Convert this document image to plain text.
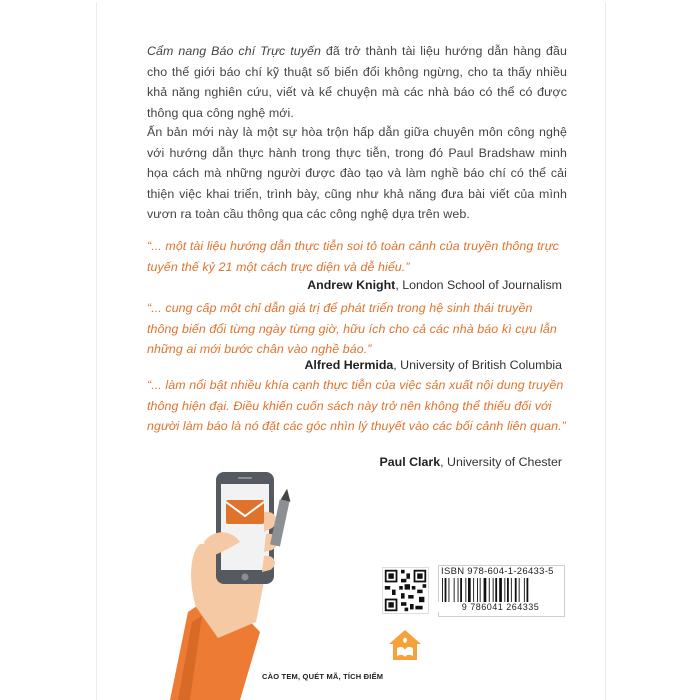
Cẩm nang Báo chí Trực tuyến đã trở thành tài liệu hướng dẫn hàng đầu cho thế giới báo chí kỹ thuật số biến đổi không ngừng, cho ta thấy nhiều khả năng nghiên cứu, viết và kể chuyện mà các nhà báo có thể có được thông qua công nghệ mới.

Ấn bản mới này là một sự hòa trộn hấp dẫn giữa chuyên môn công nghệ với hướng dẫn thực hành trong thực tiễn, trong đó Paul Bradshaw minh họa cách mà những người được đào tạo và làm nghề báo chí có thể cải thiện việc khai triển, trình bày, cũng như khả năng đưa bài viết của mình vươn ra toàn cầu thông qua các công nghệ dựa trên web.

“... một tài liệu hướng dẫn thực tiễn soi tỏ toàn cảnh của truyền thông trực tuyến thế kỷ 21 một cách trực diện và dễ hiểu.”

Andrew Knight, London School of Journalism

“... cung cấp một chỉ dẫn giá trị để phát triển trong hệ sinh thái truyền thông biến đổi từng ngày từng giờ, hữu ích cho cả các nhà báo kì cựu lẫn những ai mới bước chân vào nghề báo.”

Alfred Hermida, University of British Columbia

“... làm nổi bật nhiều khía cạnh thực tiễn của việc sản xuất nội dung truyền thông hiện đại. Điều khiến cuốn sách này trở nên không thể thiếu đối với người làm báo là nó đặt các góc nhìn lý thuyết vào các bối cảnh liên quan.”

Paul Clark, University of Chester

ISBN 978-604-1-26433-5
9 786041 264335
CÀO TEM, QUÉT MÃ, TÍCH ĐIỂM
